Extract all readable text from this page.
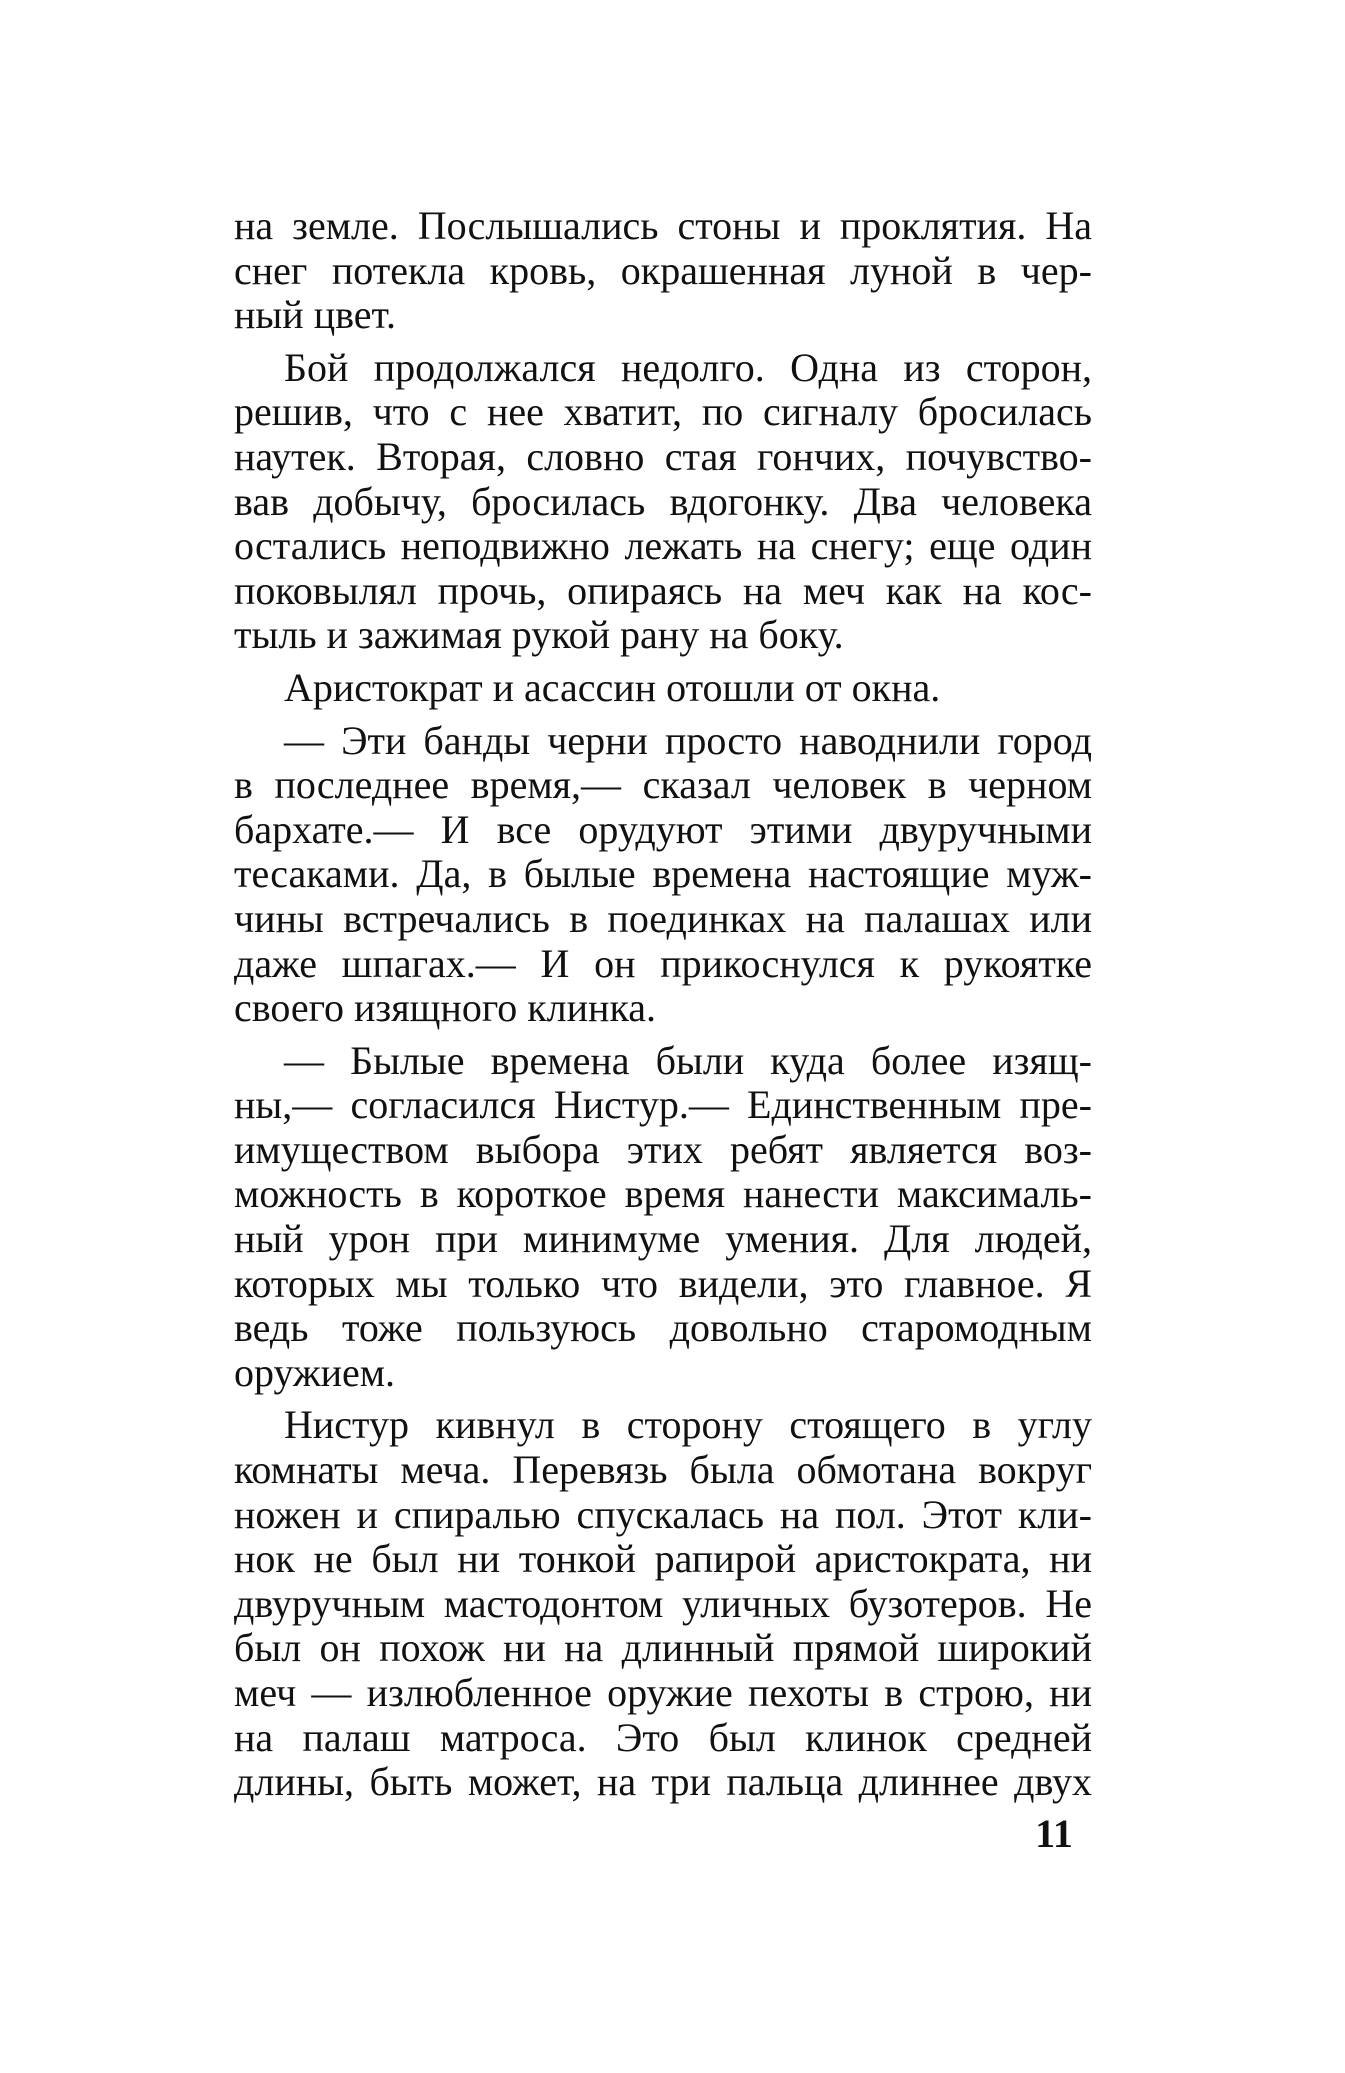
на земле. Послышались стоны и проклятия. На
снег потекла кровь, окрашенная луной в чер-
ный цвет.

Бой продолжался недолго. Одна из сторон,
решив, что с нее хватит, по сигналу бросилась
наутек. Вторая, словно стая гончих, почувство-
вав добычу, бросилась вдогонку. Два человека
остались неподвижно лежать на снегу; еще один
поковылял прочь, опираясь на меч как на кос-
тыль и зажимая рукой рану на боку.

Аристократ и асассин отошли от окна.

— Эти банды черни просто наводнили город
в последнее время,— сказал человек в черном
бархате.— И все орудуют этими двуручными
тесаками. Да, в былые времена настоящие муж-
чины встречались в поединках на палашах или
даже шпагах.— И он прикоснулся к рукоятке
своего изящного клинка.

— Былые времена были куда более изящ-
ны,— согласился Нистур.— Единственным пре-
имуществом выбора этих ребят является воз-
можность в короткое время нанести максималь-
ный урон при минимуме умения. Для людей,
которых мы только что видели, это главное. Я
ведь тоже пользуюсь довольно старомодным
оружием.

Нистур кивнул в сторону стоящего в углу
комнаты меча. Перевязь была обмотана вокруг
ножен и спиралью спускалась на пол. Этот кли-
нок не был ни тонкой рапирой аристократа, ни
двуручным мастодонтом уличных бузотеров. Не
был он похож ни на длинный прямой широкий
меч — излюбленное оружие пехоты в строю, ни
на палаш матроса. Это был клинок средней
длины, быть может, на три пальца длиннее двух

11
